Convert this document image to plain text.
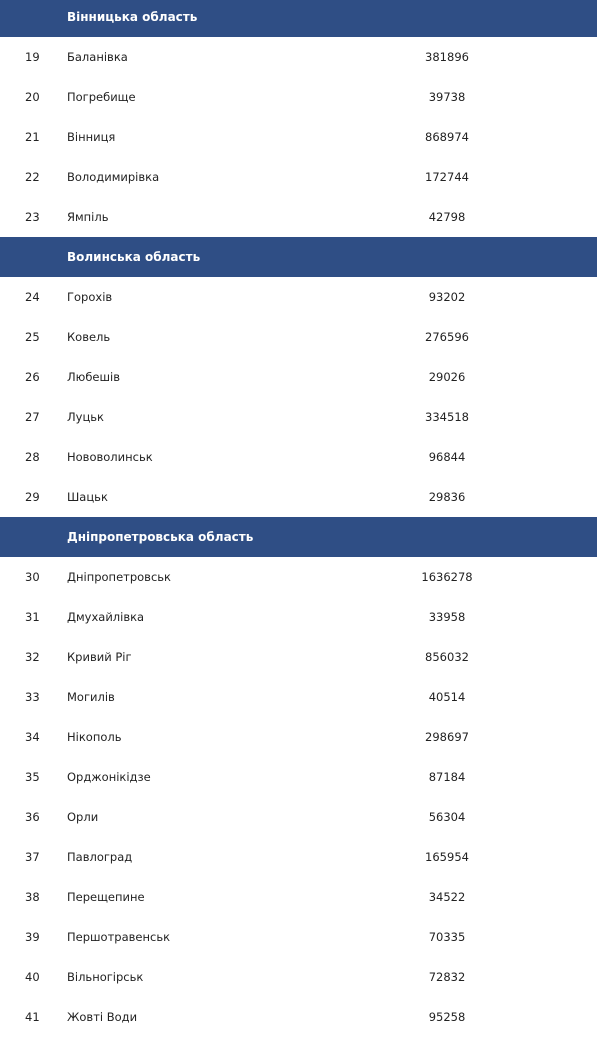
Вінницька область
19 Баланівка	381896
20 Погребище	39738
21 Вінниця	868974
22 Володимирівка	172744
23 Ямпіль	42798
Волинська область
24 Горохів	93202
25 Ковель	276596
26 Любешів	29026
27 Луцьк	334518
28 Нововолинськ	96844
29 Шацьк	29836
Дніпропетровська область
30 Дніпропетровськ	1636278
31 Дмухайлівка	33958
32 Кривий Ріг	856032
33 Могилів	40514
34 Нікополь	298697
35 Орджонікідзе	87184
36 Орли	56304
37 Павлоград	165954
38 Перещепине	34522
39 Першотравенськ	70335
40 Вільногірськ	72832
41 Жовті Води	95258
